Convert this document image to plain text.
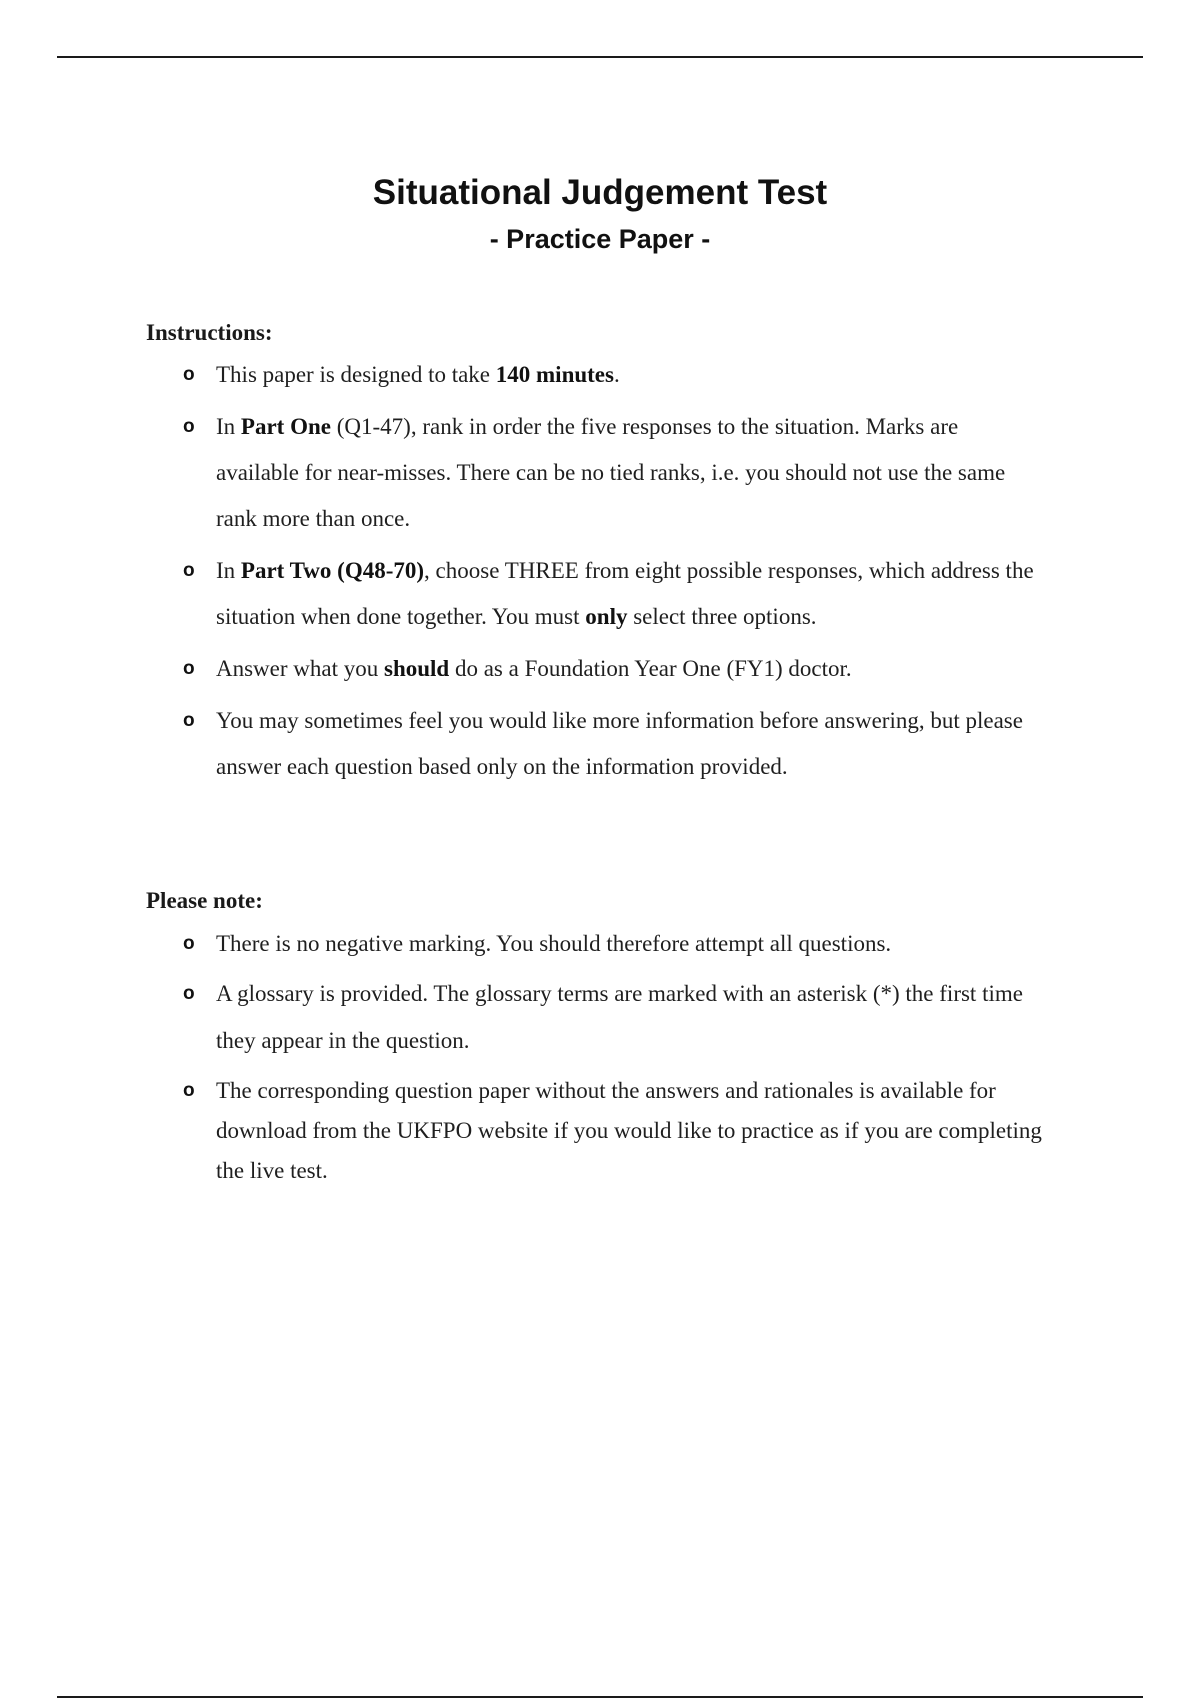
Situational Judgement Test
- Practice Paper -
Instructions:
o This paper is designed to take 140 minutes.
o In Part One (Q1-47), rank in order the five responses to the situation. Marks are available for near-misses. There can be no tied ranks, i.e. you should not use the same rank more than once.
o In Part Two (Q48-70), choose THREE from eight possible responses, which address the situation when done together. You must only select three options.
o Answer what you should do as a Foundation Year One (FY1) doctor.
o You may sometimes feel you would like more information before answering, but please answer each question based only on the information provided.
Please note:
o There is no negative marking. You should therefore attempt all questions.
o A glossary is provided. The glossary terms are marked with an asterisk (*) the first time they appear in the question.
o The corresponding question paper without the answers and rationales is available for download from the UKFPO website if you would like to practice as if you are completing the live test.
